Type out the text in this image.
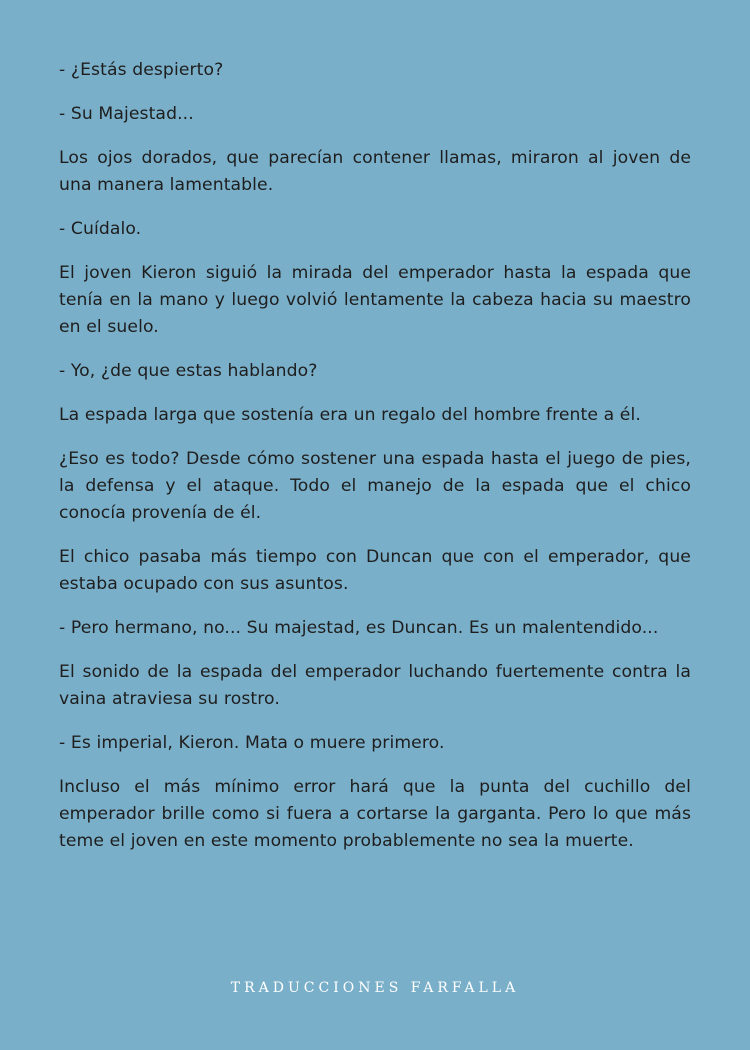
- ¿Estás despierto?

- Su Majestad...

Los ojos dorados, que parecían contener llamas, miraron al joven de una manera lamentable.

- Cuídalo.

El joven Kieron siguió la mirada del emperador hasta la espada que tenía en la mano y luego volvió lentamente la cabeza hacia su maestro en el suelo.

- Yo, ¿de que estas hablando?

La espada larga que sostenía era un regalo del hombre frente a él.

¿Eso es todo? Desde cómo sostener una espada hasta el juego de pies, la defensa y el ataque. Todo el manejo de la espada que el chico conocía provenía de él.

El chico pasaba más tiempo con Duncan que con el emperador, que estaba ocupado con sus asuntos.

- Pero hermano, no... Su majestad, es Duncan. Es un malentendido...

El sonido de la espada del emperador luchando fuertemente contra la vaina atraviesa su rostro.

- Es imperial, Kieron. Mata o muere primero.

Incluso el más mínimo error hará que la punta del cuchillo del emperador brille como si fuera a cortarse la garganta. Pero lo que más teme el joven en este momento probablemente no sea la muerte.

TRADUCCIONES FARFALLA
